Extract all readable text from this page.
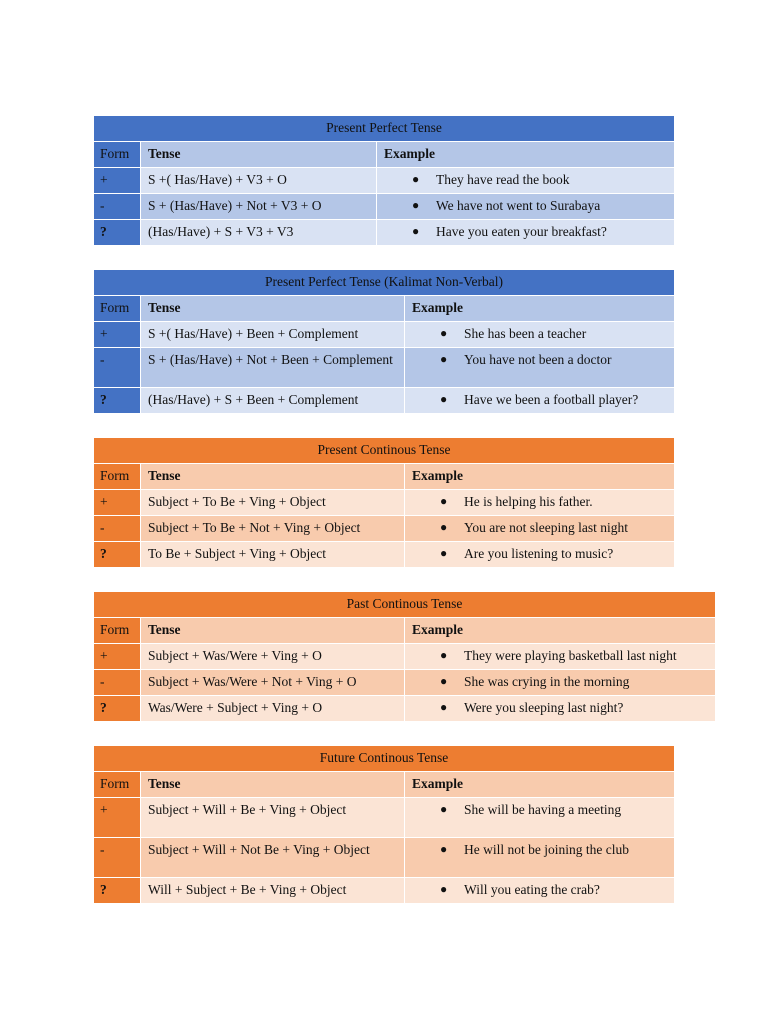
Present Perfect Tense
Form	Tense	Example
+	S +( Has/Have) + V3 + O	●	They have read the book
-	S + (Has/Have) + Not + V3 + O	●	We have not went to Surabaya
?	(Has/Have) + S + V3 + V3	●	Have you eaten your breakfast?
Present Perfect Tense (Kalimat Non-Verbal)
Form	Tense	Example
+	S +( Has/Have) + Been + Complement	●	She has been a teacher
-	S + (Has/Have) + Not + Been + Complement	●	You have not been a doctor
?	(Has/Have) + S + Been + Complement	●	Have we been a football player?
Present Continous Tense
Form	Tense	Example
+	Subject + To Be + Ving + Object	●	He is helping his father.
-	Subject + To Be + Not + Ving + Object	●	You are not sleeping last night
?	To Be + Subject + Ving + Object	●	Are you listening to music?
Past Continous Tense
Form	Tense	Example
+	Subject + Was/Were + Ving + O	●	They were playing basketball last night
-	Subject + Was/Were + Not + Ving + O	●	She was crying in the morning
?	Was/Were + Subject + Ving + O	●	Were you sleeping last night?
Future Continous Tense
Form	Tense	Example
+	Subject + Will + Be + Ving + Object	●	She will be having a meeting
-	Subject + Will + Not Be + Ving + Object	●	He will not be joining the club
?	Will + Subject + Be + Ving + Object	●	Will you eating the crab?
